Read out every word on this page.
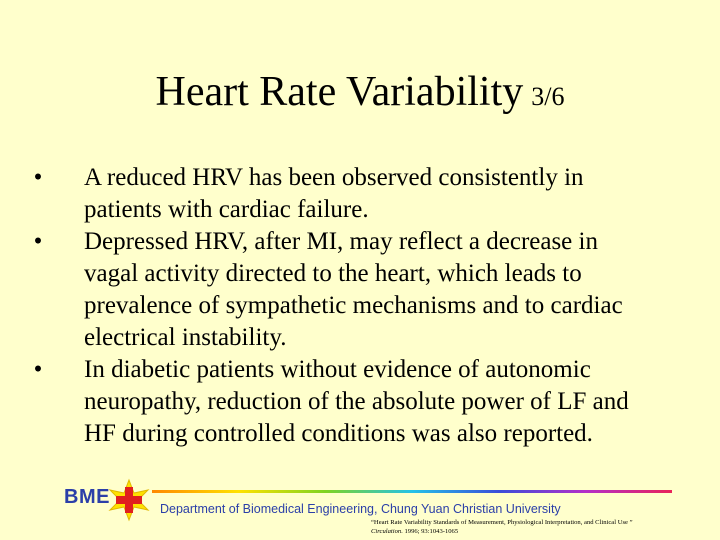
Heart Rate Variability 3/6
• A reduced HRV has been observed consistently in
patients with cardiac failure.
• Depressed HRV, after MI, may reflect a decrease in
vagal activity directed to the heart, which leads to
prevalence of sympathetic mechanisms and to cardiac
electrical instability.
• In diabetic patients without evidence of autonomic
neuropathy, reduction of the absolute power of LF and
HF during controlled conditions was also reported.
BME
Department of Biomedical Engineering, Chung Yuan Christian University
“Heart Rate Variability Standards of Measurement, Physiological Interpretation, and Clinical Use ”
Circulation. 1996; 93:1043-1065
